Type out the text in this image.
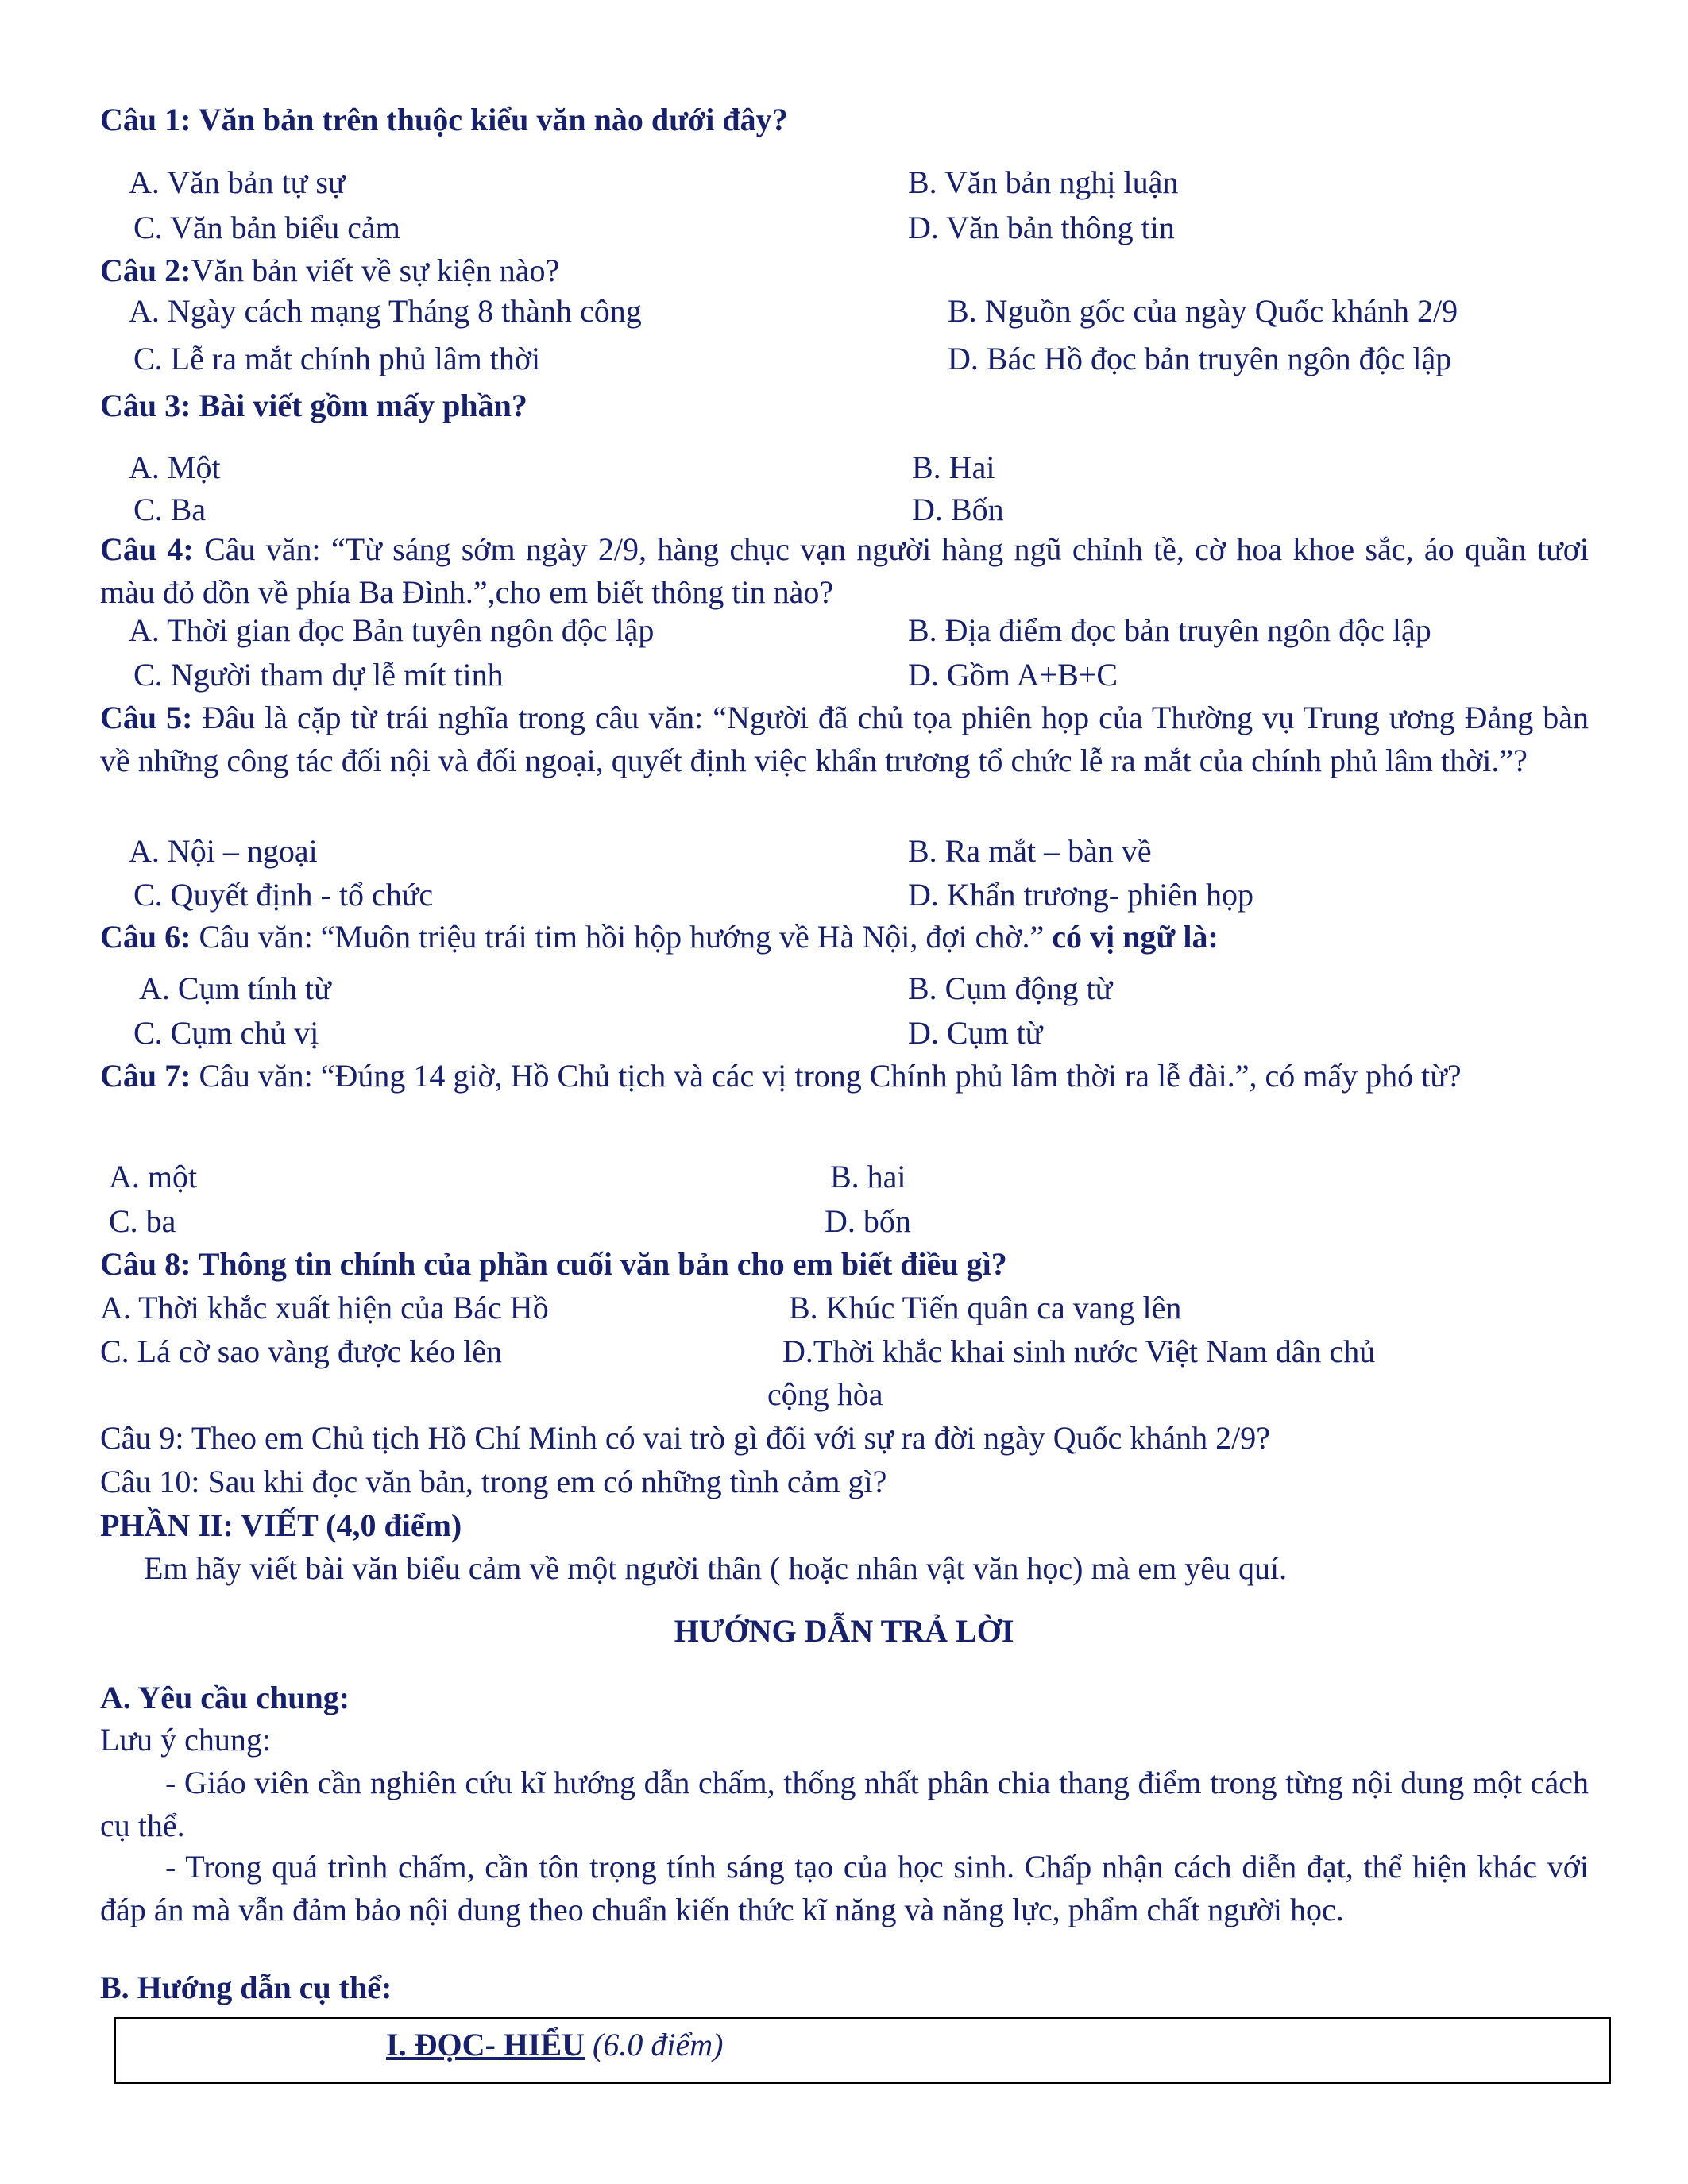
Câu 1: Văn bản trên thuộc kiểu văn nào dưới đây?
A. Văn bản tự sự	B. Văn bản nghị luận
C. Văn bản biểu cảm	D. Văn bản thông tin
Câu 2:Văn bản viết về sự kiện nào?
A. Ngày cách mạng Tháng 8 thành công	B. Nguồn gốc của ngày Quốc khánh 2/9
C. Lễ ra mắt chính phủ lâm thời	D. Bác Hồ đọc bản truyên ngôn độc lập
Câu 3: Bài viết gồm mấy phần?
A. Một	B. Hai
C. Ba	D. Bốn
Câu 4: Câu văn: “Từ sáng sớm ngày 2/9, hàng chục vạn người hàng ngũ chỉnh tề, cờ hoa khoe sắc, áo quần tươi màu đỏ dồn về phía Ba Đình.”,cho em biết thông tin nào?
A. Thời gian đọc Bản tuyên ngôn độc lập	B. Địa điểm đọc bản truyên ngôn độc lập
C. Người tham dự lễ mít tinh	D. Gồm A+B+C
Câu 5: Đâu là cặp từ trái nghĩa trong câu văn: “Người đã chủ tọa phiên họp của Thường vụ Trung ương Đảng bàn về những công tác đối nội và đối ngoại, quyết định việc khẩn trương tổ chức lễ ra mắt của chính phủ lâm thời.”?
A. Nội – ngoại	B. Ra mắt – bàn về
C. Quyết định - tổ chức	D. Khẩn trương- phiên họp
Câu 6: Câu văn: “Muôn triệu trái tim hồi hộp hướng về Hà Nội, đợi chờ.” có vị ngữ là:
A. Cụm tính từ	B. Cụm động từ
C. Cụm chủ vị	D. Cụm từ
Câu 7: Câu văn: “Đúng 14 giờ, Hồ Chủ tịch và các vị trong Chính phủ lâm thời ra lễ đài.”, có mấy phó từ?
A. một	B. hai
C. ba	D. bốn
Câu 8: Thông tin chính của phần cuối văn bản cho em biết điều gì?
A. Thời khắc xuất hiện của Bác Hồ	B. Khúc Tiến quân ca vang lên
C. Lá cờ sao vàng được kéo lên	D.Thời khắc khai sinh nước Việt Nam dân chủ
cộng hòa
Câu 9: Theo em Chủ tịch Hồ Chí Minh có vai trò gì đối với sự ra đời ngày Quốc khánh 2/9?
Câu 10: Sau khi đọc văn bản, trong em có những tình cảm gì?
PHẦN II: VIẾT (4,0 điểm)
Em hãy viết bài văn biểu cảm về một người thân ( hoặc nhân vật văn học) mà em yêu quí.
HƯỚNG DẪN TRẢ LỜI
A. Yêu cầu chung:
Lưu ý chung:
- Giáo viên cần nghiên cứu kĩ hướng dẫn chấm, thống nhất phân chia thang điểm trong từng nội dung một cách cụ thể.
- Trong quá trình chấm, cần tôn trọng tính sáng tạo của học sinh. Chấp nhận cách diễn đạt, thể hiện khác với đáp án mà vẫn đảm bảo nội dung theo chuẩn kiến thức kĩ năng và năng lực, phẩm chất người học.
B. Hướng dẫn cụ thể:
I. ĐỌC- HIỂU (6.0 điểm)
